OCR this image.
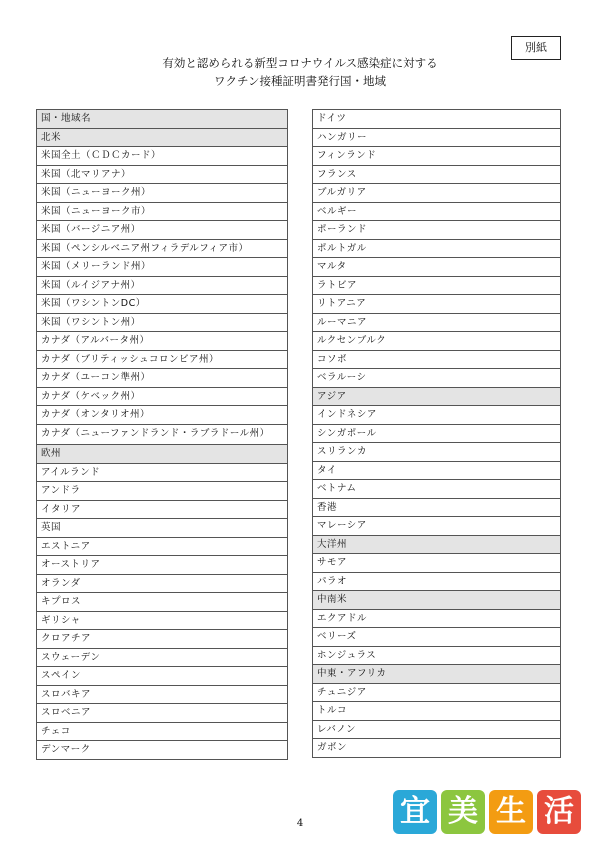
別紙
有効と認められる新型コロナウイルス感染症に対する
ワクチン接種証明書発行国・地域
国・地域名
北米
米国全土（ＣＤＣカード）
米国（北マリアナ）
米国（ニューヨーク州）
米国（ニューヨーク市）
米国（バージニア州）
米国（ペンシルベニア州フィラデルフィア市）
米国（メリーランド州）
米国（ルイジアナ州）
米国（ワシントンDC）
米国（ワシントン州）
カナダ（アルバータ州）
カナダ（ブリティッシュコロンビア州）
カナダ（ユーコン準州）
カナダ（ケベック州）
カナダ（オンタリオ州）
カナダ（ニューファンドランド・ラブラドール州）
欧州
アイルランド
アンドラ
イタリア
英国
エストニア
オーストリア
オランダ
キプロス
ギリシャ
クロアチア
スウェーデン
スペイン
スロバキア
スロベニア
チェコ
デンマーク
ドイツ
ハンガリー
フィンランド
フランス
ブルガリア
ベルギー
ポーランド
ポルトガル
マルタ
ラトビア
リトアニア
ルーマニア
ルクセンブルク
コソボ
ベラルーシ
アジア
インドネシア
シンガポール
スリランカ
タイ
ベトナム
香港
マレーシア
大洋州
サモア
パラオ
中南米
エクアドル
ベリーズ
ホンジュラス
中東・アフリカ
チュニジア
トルコ
レバノン
ガボン
4	宜 美 生 活
